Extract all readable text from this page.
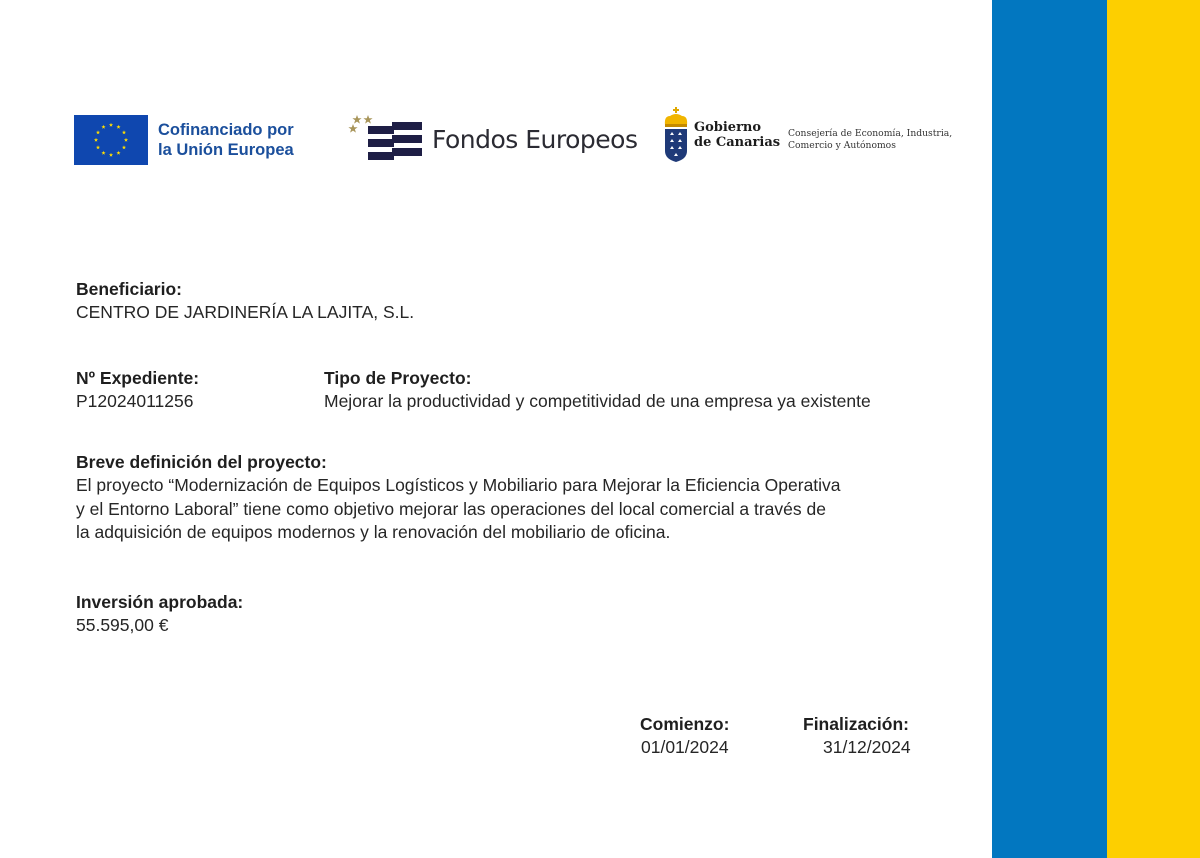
Cofinanciado por
la Unión Europea	Fondos Europeos	Gobierno
de Canarias
Consejería de Economía, Industria,
Comercio y Autónomos
Beneficiario:
CENTRO DE JARDINERÍA LA LAJITA, S.L.
Nº Expediente:
P12024011256
Tipo de Proyecto:
Mejorar la productividad y competitividad de una empresa ya existente
Breve definición del proyecto:
El proyecto “Modernización de Equipos Logísticos y Mobiliario para Mejorar la Eficiencia Operativa
y el Entorno Laboral” tiene como objetivo mejorar las operaciones del local comercial a través de
la adquisición de equipos modernos y la renovación del mobiliario de oficina.
Inversión aprobada:
55.595,00 €
Comienzo:
01/01/2024
Finalización:
31/12/2024
